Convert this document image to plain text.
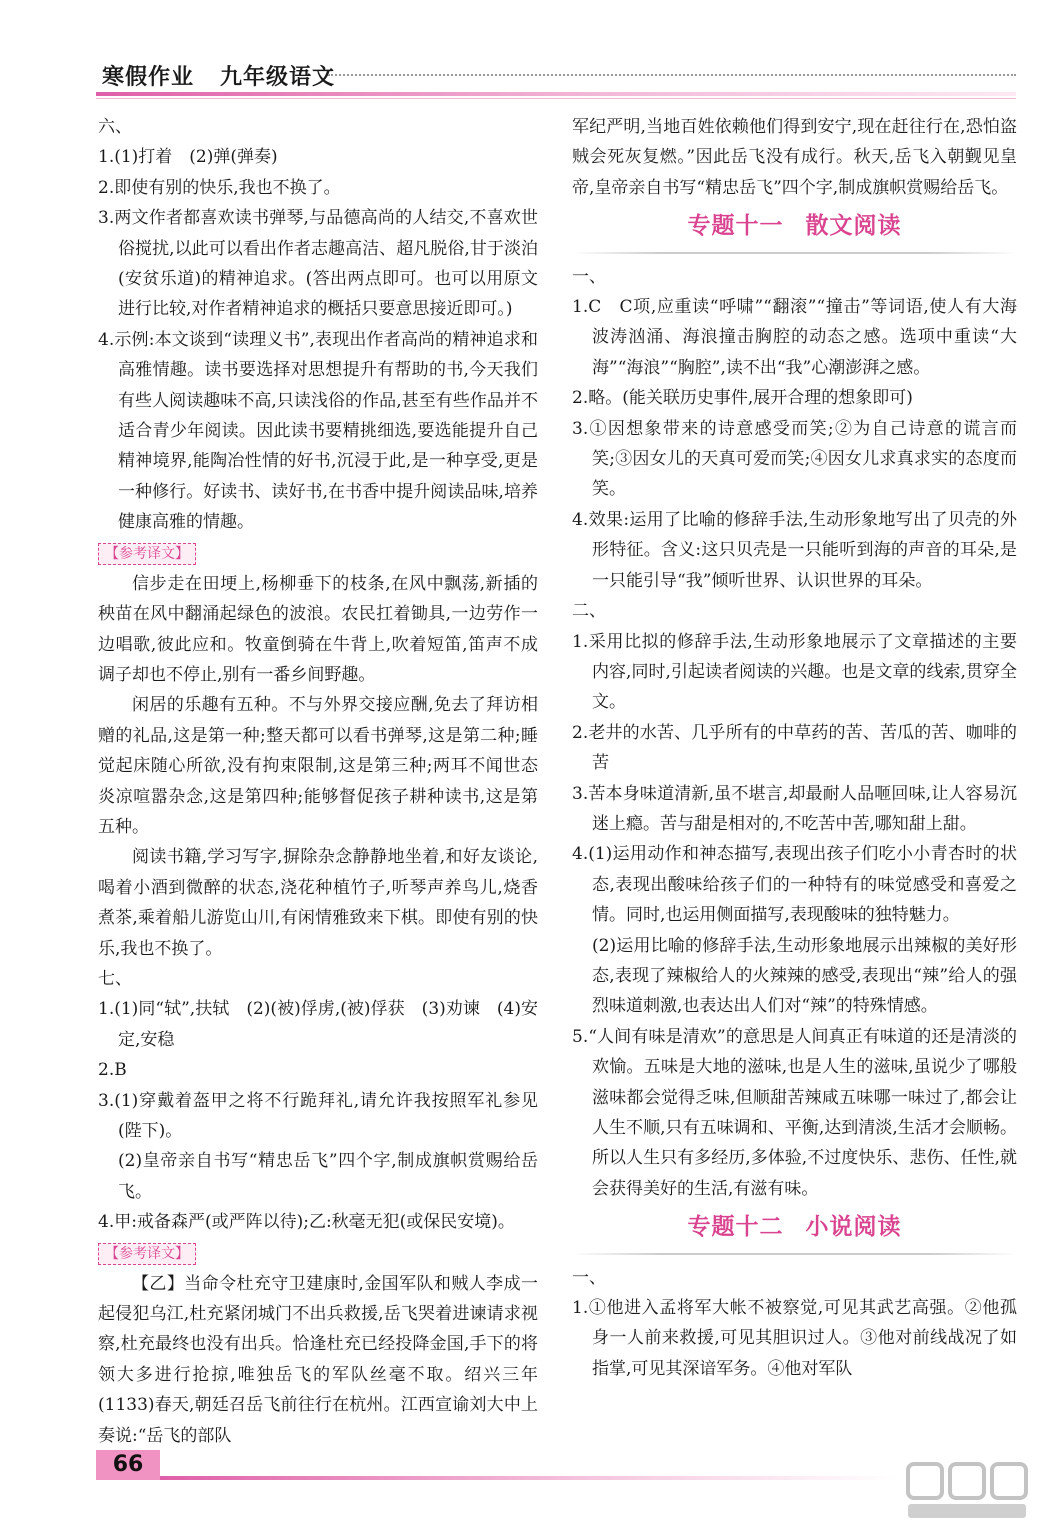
寒假作业 九年级语文

六、

1.(1)打着　(2)弹(弹奏)

2.即使有别的快乐,我也不换了。

3.两文作者都喜欢读书弹琴,与品德高尚的人结交,不喜欢世俗搅扰,以此可以看出作者志趣高洁、超凡脱俗,甘于淡泊(安贫乐道)的精神追求。(答出两点即可。也可以用原文进行比较,对作者精神追求的概括只要意思接近即可。)

4.示例:本文谈到“读理义书”,表现出作者高尚的精神追求和高雅情趣。读书要选择对思想提升有帮助的书,今天我们有些人阅读趣味不高,只读浅俗的作品,甚至有些作品并不适合青少年阅读。因此读书要精挑细选,要选能提升自己精神境界,能陶冶性情的好书,沉浸于此,是一种享受,更是一种修行。好读书、读好书,在书香中提升阅读品味,培养健康高雅的情趣。

【参考译文】

信步走在田埂上,杨柳垂下的枝条,在风中飘荡,新插的秧苗在风中翻涌起绿色的波浪。农民扛着锄具,一边劳作一边唱歌,彼此应和。牧童倒骑在牛背上,吹着短笛,笛声不成调子却也不停止,别有一番乡间野趣。

闲居的乐趣有五种。不与外界交接应酬,免去了拜访相赠的礼品,这是第一种;整天都可以看书弹琴,这是第二种;睡觉起床随心所欲,没有拘束限制,这是第三种;两耳不闻世态炎凉喧嚣杂念,这是第四种;能够督促孩子耕种读书,这是第五种。

阅读书籍,学习写字,摒除杂念静静地坐着,和好友谈论,喝着小酒到微醉的状态,浇花种植竹子,听琴声养鸟儿,烧香煮茶,乘着船儿游览山川,有闲情雅致来下棋。即使有别的快乐,我也不换了。

七、

1.(1)同“轼”,扶轼　(2)(被)俘虏,(被)俘获　(3)劝谏　(4)安定,安稳

2.B

3.(1)穿戴着盔甲之将不行跪拜礼,请允许我按照军礼参见(陛下)。

(2)皇帝亲自书写“精忠岳飞”四个字,制成旗帜赏赐给岳飞。

4.甲:戒备森严(或严阵以待);乙:秋毫无犯(或保民安境)。

【参考译文】

【乙】当命令杜充守卫建康时,金国军队和贼人李成一起侵犯乌江,杜充紧闭城门不出兵救援,岳飞哭着进谏请求视察,杜充最终也没有出兵。恰逢杜充已经投降金国,手下的将领大多进行抢掠,唯独岳飞的军队丝毫不取。绍兴三年(1133)春天,朝廷召岳飞前往行在杭州。江西宣谕刘大中上奏说:“岳飞的部队

军纪严明,当地百姓依赖他们得到安宁,现在赶往行在,恐怕盗贼会死灰复燃。”因此岳飞没有成行。秋天,岳飞入朝觐见皇帝,皇帝亲自书写“精忠岳飞”四个字,制成旗帜赏赐给岳飞。

专题十一 散文阅读

一、

1.C　C项,应重读“呼啸”“翻滚”“撞击”等词语,使人有大海波涛汹涌、海浪撞击胸腔的动态之感。选项中重读“大海”“海浪”“胸腔”,读不出“我”心潮澎湃之感。

2.略。(能关联历史事件,展开合理的想象即可)

3.①因想象带来的诗意感受而笑;②为自己诗意的谎言而笑;③因女儿的天真可爱而笑;④因女儿求真求实的态度而笑。

4.效果:运用了比喻的修辞手法,生动形象地写出了贝壳的外形特征。含义:这只贝壳是一只能听到海的声音的耳朵,是一只能引导“我”倾听世界、认识世界的耳朵。

二、

1.采用比拟的修辞手法,生动形象地展示了文章描述的主要内容,同时,引起读者阅读的兴趣。也是文章的线索,贯穿全文。

2.老井的水苦、几乎所有的中草药的苦、苦瓜的苦、咖啡的苦

3.苦本身味道清新,虽不堪言,却最耐人品咂回味,让人容易沉迷上瘾。苦与甜是相对的,不吃苦中苦,哪知甜上甜。

4.(1)运用动作和神态描写,表现出孩子们吃小小青杏时的状态,表现出酸味给孩子们的一种特有的味觉感受和喜爱之情。同时,也运用侧面描写,表现酸味的独特魅力。

(2)运用比喻的修辞手法,生动形象地展示出辣椒的美好形态,表现了辣椒给人的火辣辣的感受,表现出“辣”给人的强烈味道刺激,也表达出人们对“辣”的特殊情感。

5.“人间有味是清欢”的意思是人间真正有味道的还是清淡的欢愉。五味是大地的滋味,也是人生的滋味,虽说少了哪般滋味都会觉得乏味,但顺甜苦辣咸五味哪一味过了,都会让人生不顺,只有五味调和、平衡,达到清淡,生活才会顺畅。所以人生只有多经历,多体验,不过度快乐、悲伤、任性,就会获得美好的生活,有滋有味。

专题十二 小说阅读

一、

1.①他进入孟将军大帐不被察觉,可见其武艺高强。②他孤身一人前来救援,可见其胆识过人。③他对前线战况了如指掌,可见其深谙军务。④他对军队

66
